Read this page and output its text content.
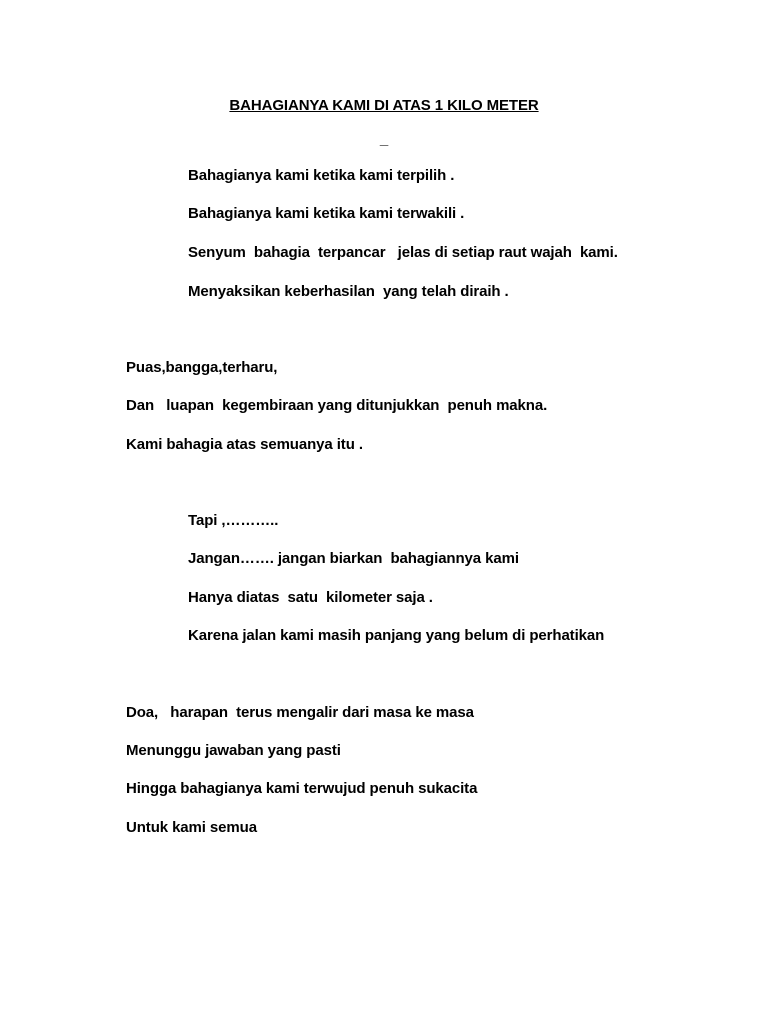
BAHAGIANYA KAMI DI ATAS 1 KILO METER
_
Bahagianya kami ketika kami terpilih .
Bahagianya kami ketika kami terwakili .
Senyum  bahagia  terpancar   jelas di setiap raut wajah  kami.
Menyaksikan keberhasilan  yang telah diraih .
Puas,bangga,terharu,
Dan   luapan  kegembiraan yang ditunjukkan  penuh makna.
Kami bahagia atas semuanya itu .
Tapi ,………..
Jangan……. jangan biarkan  bahagiannya kami
Hanya diatas  satu  kilometer saja .
Karena jalan kami masih panjang yang belum di perhatikan
Doa,   harapan  terus mengalir dari masa ke masa
Menunggu jawaban yang pasti
Hingga bahagianya kami terwujud penuh sukacita
Untuk kami semua
